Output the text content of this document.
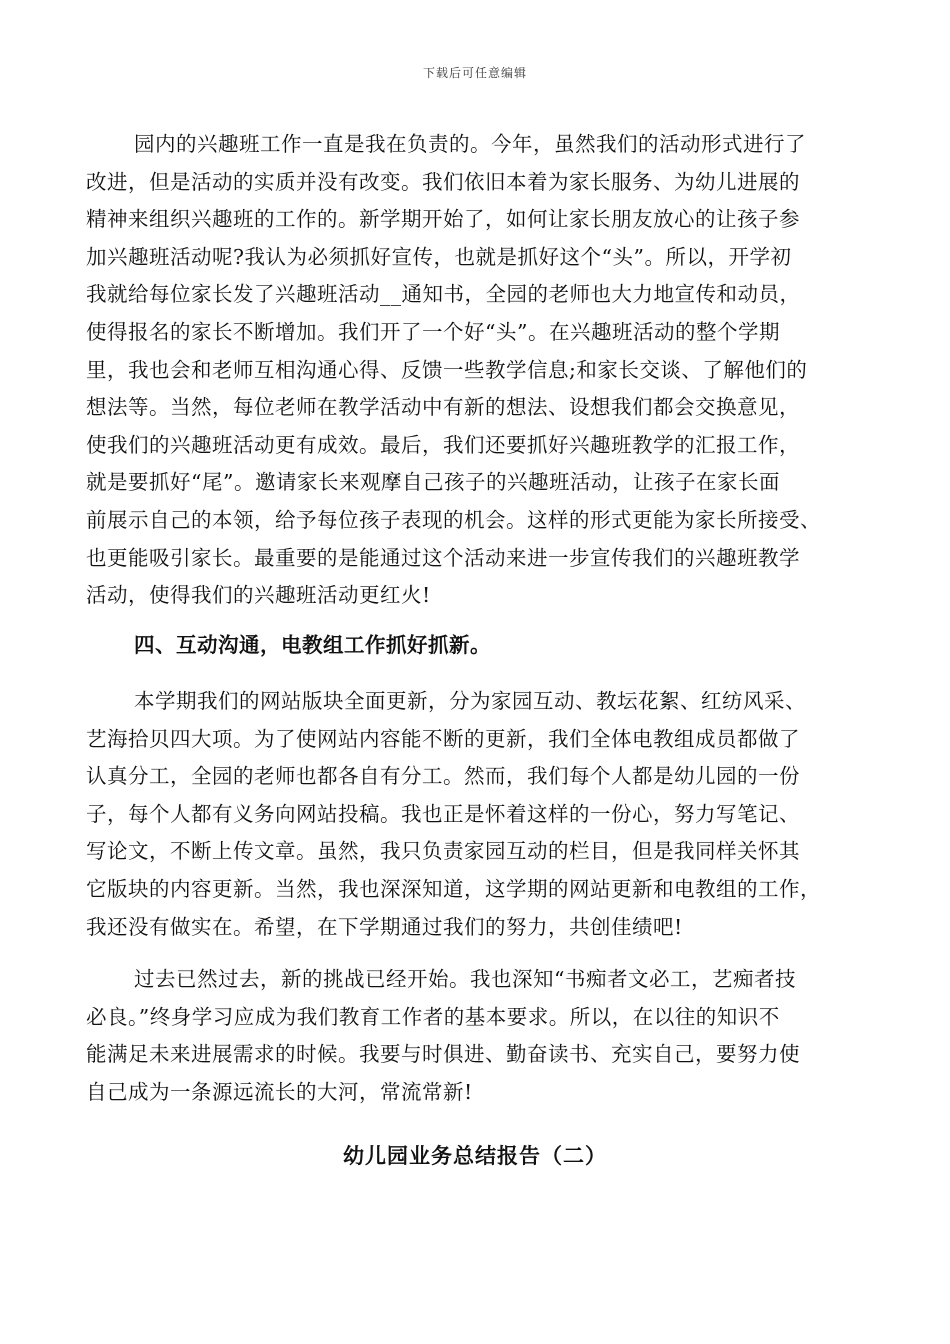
下载后可任意编辑
园内的兴趣班工作一直是我在负责的。今年，虽然我们的活动形式进行了
改进，但是活动的实质并没有改变。我们依旧本着为家长服务、为幼儿进展的
精神来组织兴趣班的工作的。新学期开始了，如何让家长朋友放心的让孩子参
加兴趣班活动呢?我认为必须抓好宣传，也就是抓好这个“头”。所以，开学初
我就给每位家长发了兴趣班活动__通知书，全园的老师也大力地宣传和动员，
使得报名的家长不断增加。我们开了一个好“头”。在兴趣班活动的整个学期
里，我也会和老师互相沟通心得、反馈一些教学信息;和家长交谈、了解他们的
想法等。当然，每位老师在教学活动中有新的想法、设想我们都会交换意见，
使我们的兴趣班活动更有成效。最后，我们还要抓好兴趣班教学的汇报工作，
就是要抓好“尾”。邀请家长来观摩自己孩子的兴趣班活动，让孩子在家长面
前展示自己的本领，给予每位孩子表现的机会。这样的形式更能为家长所接受、
也更能吸引家长。最重要的是能通过这个活动来进一步宣传我们的兴趣班教学
活动，使得我们的兴趣班活动更红火!
四、互动沟通，电教组工作抓好抓新。
本学期我们的网站版块全面更新，分为家园互动、教坛花絮、红纺风采、
艺海拾贝四大项。为了使网站内容能不断的更新，我们全体电教组成员都做了
认真分工，全园的老师也都各自有分工。然而，我们每个人都是幼儿园的一份
子，每个人都有义务向网站投稿。我也正是怀着这样的一份心，努力写笔记、
写论文，不断上传文章。虽然，我只负责家园互动的栏目，但是我同样关怀其
它版块的内容更新。当然，我也深深知道，这学期的网站更新和电教组的工作，
我还没有做实在。希望，在下学期通过我们的努力，共创佳绩吧!
过去已然过去，新的挑战已经开始。我也深知“书痴者文必工，艺痴者技
必良。”终身学习应成为我们教育工作者的基本要求。所以，在以往的知识不
能满足未来进展需求的时候。我要与时俱进、勤奋读书、充实自己，要努力使
自己成为一条源远流长的大河，常流常新!
幼儿园业务总结报告（二）
